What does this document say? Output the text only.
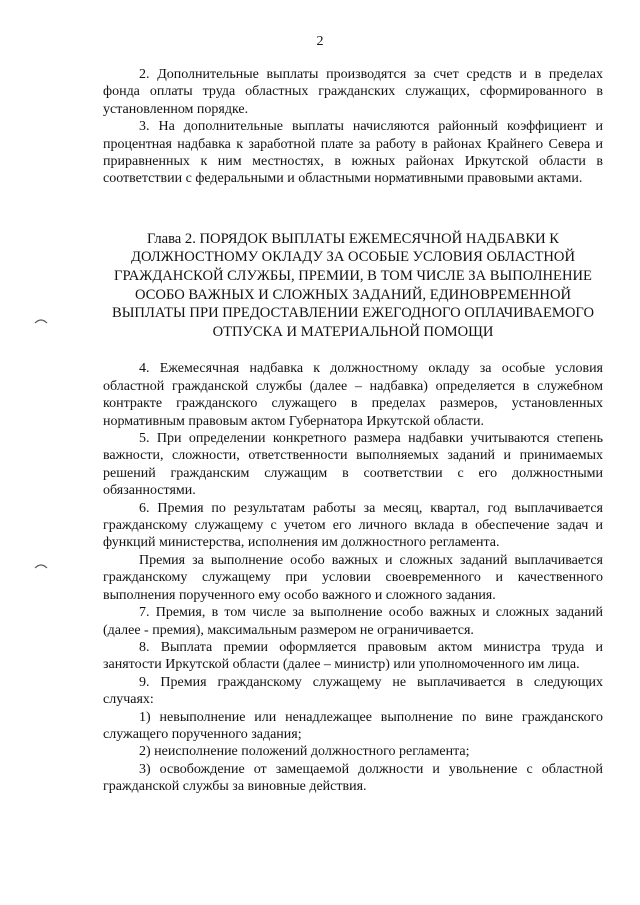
2

2. Дополнительные выплаты производятся за счет средств и в пределах фонда оплаты труда областных гражданских служащих, сформированного в установленном порядке.

3. На дополнительные выплаты начисляются районный коэффициент и процентная надбавка к заработной плате за работу в районах Крайнего Севера и приравненных к ним местностях, в южных районах Иркутской области в соответствии с федеральными и областными нормативными правовыми актами.

Глава 2. ПОРЯДОК ВЫПЛАТЫ ЕЖЕМЕСЯЧНОЙ НАДБАВКИ К ДОЛЖНОСТНОМУ ОКЛАДУ ЗА ОСОБЫЕ УСЛОВИЯ ОБЛАСТНОЙ ГРАЖДАНСКОЙ СЛУЖБЫ, ПРЕМИИ, В ТОМ ЧИСЛЕ ЗА ВЫПОЛНЕНИЕ ОСОБО ВАЖНЫХ И СЛОЖНЫХ ЗАДАНИЙ, ЕДИНОВРЕМЕННОЙ ВЫПЛАТЫ ПРИ ПРЕДОСТАВЛЕНИИ ЕЖЕГОДНОГО ОПЛАЧИВАЕМОГО ОТПУСКА И МАТЕРИАЛЬНОЙ ПОМОЩИ

4. Ежемесячная надбавка к должностному окладу за особые условия областной гражданской службы (далее – надбавка) определяется в служебном контракте гражданского служащего в пределах размеров, установленных нормативным правовым актом Губернатора Иркутской области.

5. При определении конкретного размера надбавки учитываются степень важности, сложности, ответственности выполняемых заданий и принимаемых решений гражданским служащим в соответствии с его должностными обязанностями.

6. Премия по результатам работы за месяц, квартал, год выплачивается гражданскому служащему с учетом его личного вклада в обеспечение задач и функций министерства, исполнения им должностного регламента.

Премия за выполнение особо важных и сложных заданий выплачивается гражданскому служащему при условии своевременного и качественного выполнения порученного ему особо важного и сложного задания.

7. Премия, в том числе за выполнение особо важных и сложных заданий (далее - премия), максимальным размером не ограничивается.

8. Выплата премии оформляется правовым актом министра труда и занятости Иркутской области (далее – министр) или уполномоченного им лица.

9. Премия гражданскому служащему не выплачивается в следующих случаях:

1) невыполнение или ненадлежащее выполнение по вине гражданского служащего порученного задания;

2) неисполнение положений должностного регламента;

3) освобождение от замещаемой должности и увольнение с областной гражданской службы за виновные действия.
